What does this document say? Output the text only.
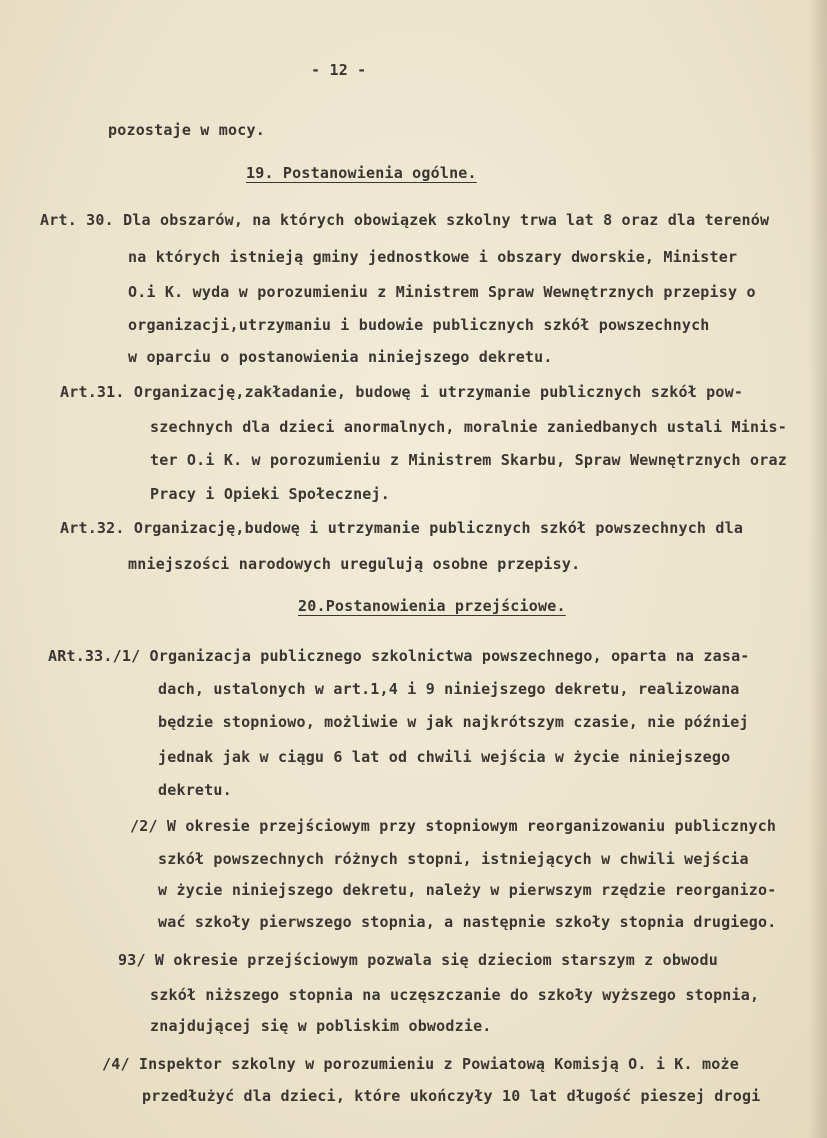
- 12 -
pozostaje w mocy.
19. Postanowienia ogólne.
Art. 30. Dla obszarów, na których obowiązek szkolny trwa lat 8 oraz dla terenów
na których istnieją gminy jednostkowe i obszary dworskie, Minister
O.i K. wyda w porozumieniu z Ministrem Spraw Wewnętrznych przepisy o
organizacji,utrzymaniu i budowie publicznych szkół powszechnych
w oparciu o postanowienia niniejszego dekretu.
Art.31. Organizację,zakładanie, budowę i utrzymanie publicznych szkół pow-
szechnych dla dzieci anormalnych, moralnie zaniedbanych ustali Minis-
ter O.i K. w porozumieniu z Ministrem Skarbu, Spraw Wewnętrznych oraz
Pracy i Opieki Społecznej.
Art.32. Organizację,budowę i utrzymanie publicznych szkół powszechnych dla
mniejszości narodowych uregulują osobne przepisy.
20.Postanowienia przejściowe.
ARt.33./1/ Organizacja publicznego szkolnictwa powszechnego, oparta na zasa-
dach, ustalonych w art.1,4 i 9 niniejszego dekretu, realizowana
będzie stopniowo, możliwie w jak najkrótszym czasie, nie później
jednak jak w ciągu 6 lat od chwili wejścia w życie niniejszego
dekretu.
/2/ W okresie przejściowym przy stopniowym reorganizowaniu publicznych
szkół powszechnych różnych stopni, istniejących w chwili wejścia
w życie niniejszego dekretu, należy w pierwszym rzędzie reorganizo-
wać szkoły pierwszego stopnia, a następnie szkoły stopnia drugiego.
93/ W okresie przejściowym pozwala się dzieciom starszym z obwodu
szkół niższego stopnia na uczęszczanie do szkoły wyższego stopnia,
znajdującej się w pobliskim obwodzie.
/4/ Inspektor szkolny w porozumieniu z Powiatową Komisją O. i K. może
przedłużyć dla dzieci, które ukończyły 10 lat długość pieszej drogi
